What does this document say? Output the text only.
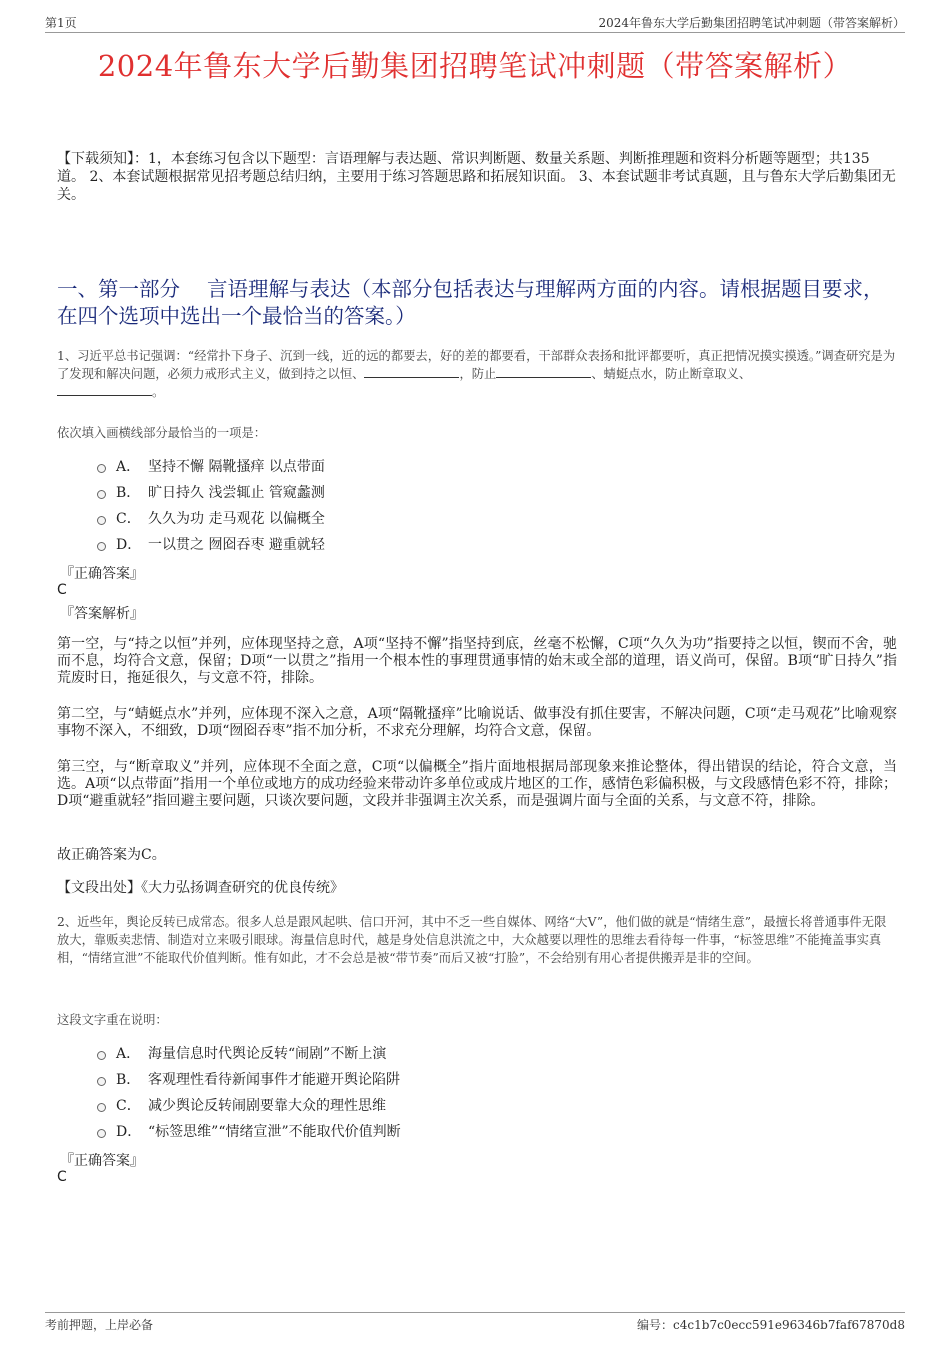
第1页	2024年鲁东大学后勤集团招聘笔试冲刺题（带答案解析）
2024年鲁东大学后勤集团招聘笔试冲刺题（带答案解析）
【下载须知】：1，本套练习包含以下题型：言语理解与表达题、常识判断题、数量关系题、判断推理题和资料分析题等题型；共135道。 2、本套试题根据常见招考题总结归纳，主要用于练习答题思路和拓展知识面。 3、本套试题非考试真题，且与鲁东大学后勤集团无关。
一、第一部分　 言语理解与表达（本部分包括表达与理解两方面的内容。请根据题目要求，在四个选项中选出一个最恰当的答案。）
1、习近平总书记强调：“经常扑下身子、沉到一线，近的远的都要去，好的差的都要看，干部群众表扬和批评都要听，真正把情况摸实摸透。”调查研究是为了发现和解决问题，必须力戒形式主义，做到持之以恒、	，防止	、蜻蜓点水，防止断章取义、
。
依次填入画横线部分最恰当的一项是：
A． 坚持不懈 隔靴搔痒 以点带面
B． 旷日持久 浅尝辄止 管窥蠡测
C． 久久为功 走马观花 以偏概全
D． 一以贯之 囫囵吞枣 避重就轻
『正确答案』
C
『答案解析』
第一空，与“持之以恒”并列，应体现坚持之意，A项“坚持不懈”指坚持到底，丝毫不松懈，C项“久久为功”指要持之以恒，锲而不舍，驰而不息，均符合文意，保留；D项“一以贯之”指用一个根本性的事理贯通事情的始末或全部的道理，语义尚可，保留。B项“旷日持久”指荒废时日，拖延很久，与文意不符，排除。
第二空，与“蜻蜓点水”并列，应体现不深入之意，A项“隔靴搔痒”比喻说话、做事没有抓住要害，不解决问题，C项“走马观花”比喻观察事物不深入，不细致，D项“囫囵吞枣”指不加分析，不求充分理解，均符合文意，保留。
第三空，与“断章取义”并列，应体现不全面之意，C项“以偏概全”指片面地根据局部现象来推论整体，得出错误的结论，符合文意，当选。A项“以点带面”指用一个单位或地方的成功经验来带动许多单位或成片地区的工作，感情色彩偏积极，与文段感情色彩不符，排除；D项“避重就轻”指回避主要问题，只谈次要问题，文段并非强调主次关系，而是强调片面与全面的关系，与文意不符，排除。
故正确答案为C。
【文段出处】《大力弘扬调查研究的优良传统》
2、近些年，舆论反转已成常态。很多人总是跟风起哄、信口开河，其中不乏一些自媒体、网络“大V”，他们做的就是“情绪生意”，最擅长将普通事件无限放大，靠贩卖悲情、制造对立来吸引眼球。海量信息时代，越是身处信息洪流之中，大众越要以理性的思维去看待每一件事，“标签思维”不能掩盖事实真相，“情绪宣泄”不能取代价值判断。惟有如此，才不会总是被“带节奏”而后又被“打脸”，不会给别有用心者提供搬弄是非的空间。
这段文字重在说明：
A． 海量信息时代舆论反转“闹剧”不断上演
B． 客观理性看待新闻事件才能避开舆论陷阱
C． 减少舆论反转闹剧要靠大众的理性思维
D． “标签思维”“情绪宣泄”不能取代价值判断
『正确答案』
C
考前押题，上岸必备	编号：c4c1b7c0ecc591e96346b7faf67870d8
